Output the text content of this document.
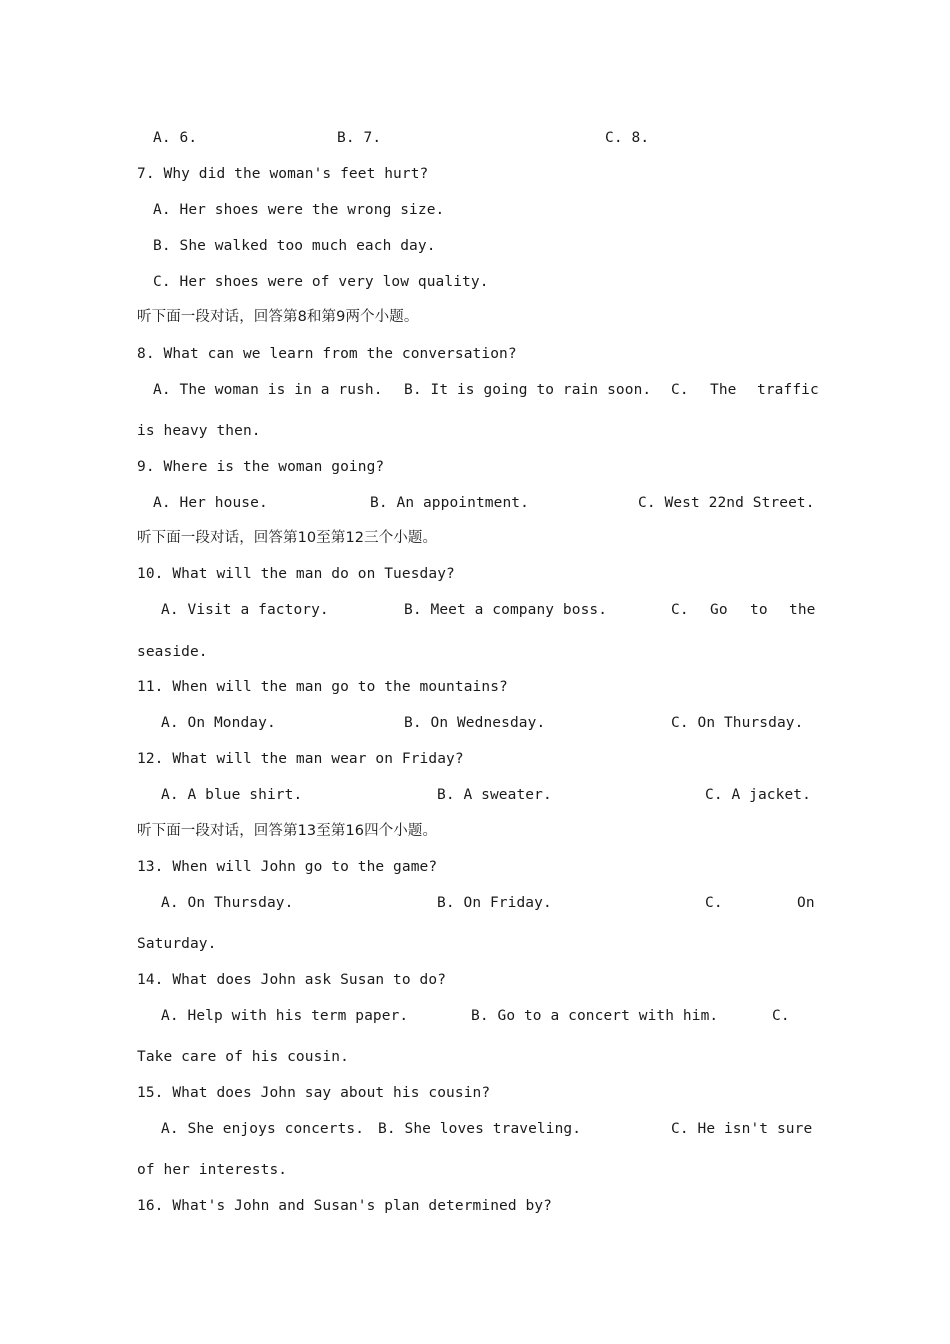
A. 6.	B. 7.	C. 8.
7. Why did the woman's feet hurt?
A. Her shoes were the wrong size.
B. She walked too much each day.
C. Her shoes were of very low quality.
听下面一段对话，回答第8和第9两个小题。
8. What can we learn from the conversation?
A. The woman is in a rush. B. It is going to rain soon. C. The traffic
is heavy then.
9. Where is the woman going?
A. Her house.	B. An appointment.	C. West 22nd Street.
听下面一段对话，回答第10至第12三个小题。
10. What will the man do on Tuesday?
A. Visit a factory.	B. Meet a company boss.	C. Go to the
seaside.
11. When will the man go to the mountains?
A. On Monday.	B. On Wednesday.	C. On Thursday.
12. What will the man wear on Friday?
A. A blue shirt.	B. A sweater.	C. A jacket.
听下面一段对话，回答第13至第16四个小题。
13. When will John go to the game?
A. On Thursday.	B. On Friday.	C.	On
Saturday.
14. What does John ask Susan to do?
A. Help with his term paper.	B. Go to a concert with him.	C.
Take care of his cousin.
15. What does John say about his cousin?
A. She enjoys concerts. B. She loves traveling.	C. He isn't sure
of her interests.
16. What's John and Susan's plan determined by?
